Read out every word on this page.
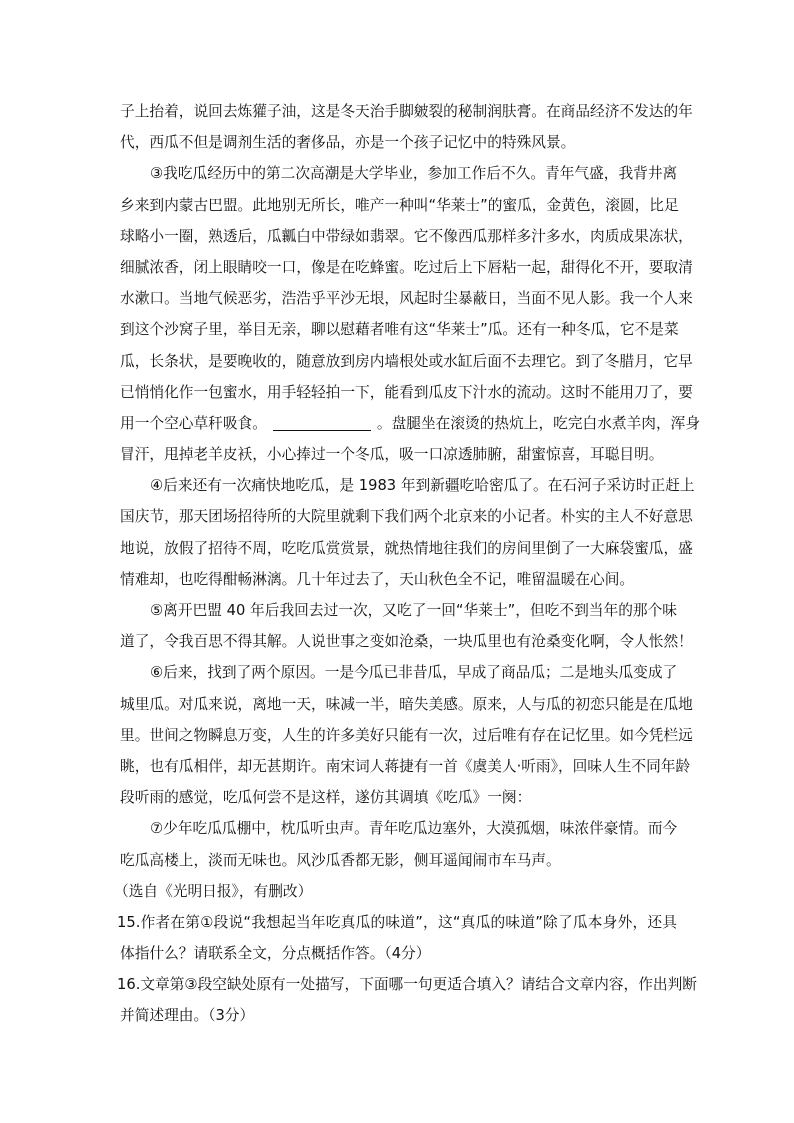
子上抬着，说回去炼獾子油，这是冬天治手脚皴裂的秘制润肤膏。在商品经济不发达的年
代，西瓜不但是调剂生活的奢侈品，亦是一个孩子记忆中的特殊风景。
③我吃瓜经历中的第二次高潮是大学毕业，参加工作后不久。青年气盛，我背井离
乡来到内蒙古巴盟。此地别无所长，唯产一种叫“华莱士”的蜜瓜，金黄色，滚圆，比足
球略小一圈，熟透后，瓜瓤白中带绿如翡翠。它不像西瓜那样多汁多水，肉质成果冻状，
细腻浓香，闭上眼睛咬一口，像是在吃蜂蜜。吃过后上下唇粘一起，甜得化不开，要取清
水漱口。当地气候恶劣，浩浩乎平沙无垠，风起时尘暴蔽日，当面不见人影。我一个人来
到这个沙窝子里，举目无亲，聊以慰藉者唯有这“华莱士”瓜。还有一种冬瓜，它不是菜
瓜，长条状，是要晚收的，随意放到房内墙根处或水缸后面不去理它。到了冬腊月，它早
已悄悄化作一包蜜水，用手轻轻拍一下，能看到瓜皮下汁水的流动。这时不能用刀了，要
用一个空心草秆吸食。	。盘腿坐在滚烫的热炕上，吃完白水煮羊肉，浑身
冒汗，甩掉老羊皮袄，小心捧过一个冬瓜，吸一口凉透肺腑，甜蜜惊喜，耳聪目明。
④后来还有一次痛快地吃瓜，是 1983 年到新疆吃哈密瓜了。在石河子采访时正赶上
国庆节，那天团场招待所的大院里就剩下我们两个北京来的小记者。朴实的主人不好意思
地说，放假了招待不周，吃吃瓜赏赏景，就热情地往我们的房间里倒了一大麻袋蜜瓜，盛
情难却，也吃得酣畅淋漓。几十年过去了，天山秋色全不记，唯留温暖在心间。
⑤离开巴盟 40 年后我回去过一次，又吃了一回“华莱士”，但吃不到当年的那个味
道了，令我百思不得其解。人说世事之变如沧桑，一块瓜里也有沧桑变化啊，令人怅然！
⑥后来，找到了两个原因。一是今瓜已非昔瓜，早成了商品瓜；二是地头瓜变成了
城里瓜。对瓜来说，离地一天，味减一半，暗失美感。原来，人与瓜的初恋只能是在瓜地
里。世间之物瞬息万变，人生的许多美好只能有一次，过后唯有存在记忆里。如今凭栏远
眺，也有瓜相伴，却无甚期许。南宋词人蒋捷有一首《虞美人·听雨》，回味人生不同年龄
段听雨的感觉，吃瓜何尝不是这样，遂仿其调填《吃瓜》一阕：
⑦少年吃瓜瓜棚中，枕瓜听虫声。青年吃瓜边塞外，大漠孤烟，味浓伴豪情。而今
吃瓜高楼上，淡而无味也。风沙瓜香都无影，侧耳遥闻闹市车马声。
（选自《光明日报》，有删改）
15.作者在第①段说“我想起当年吃真瓜的味道”，这“真瓜的味道”除了瓜本身外，还具
体指什么？请联系全文，分点概括作答。（4分）
16.文章第③段空缺处原有一处描写，下面哪一句更适合填入？请结合文章内容，作出判断
并简述理由。（3分）
